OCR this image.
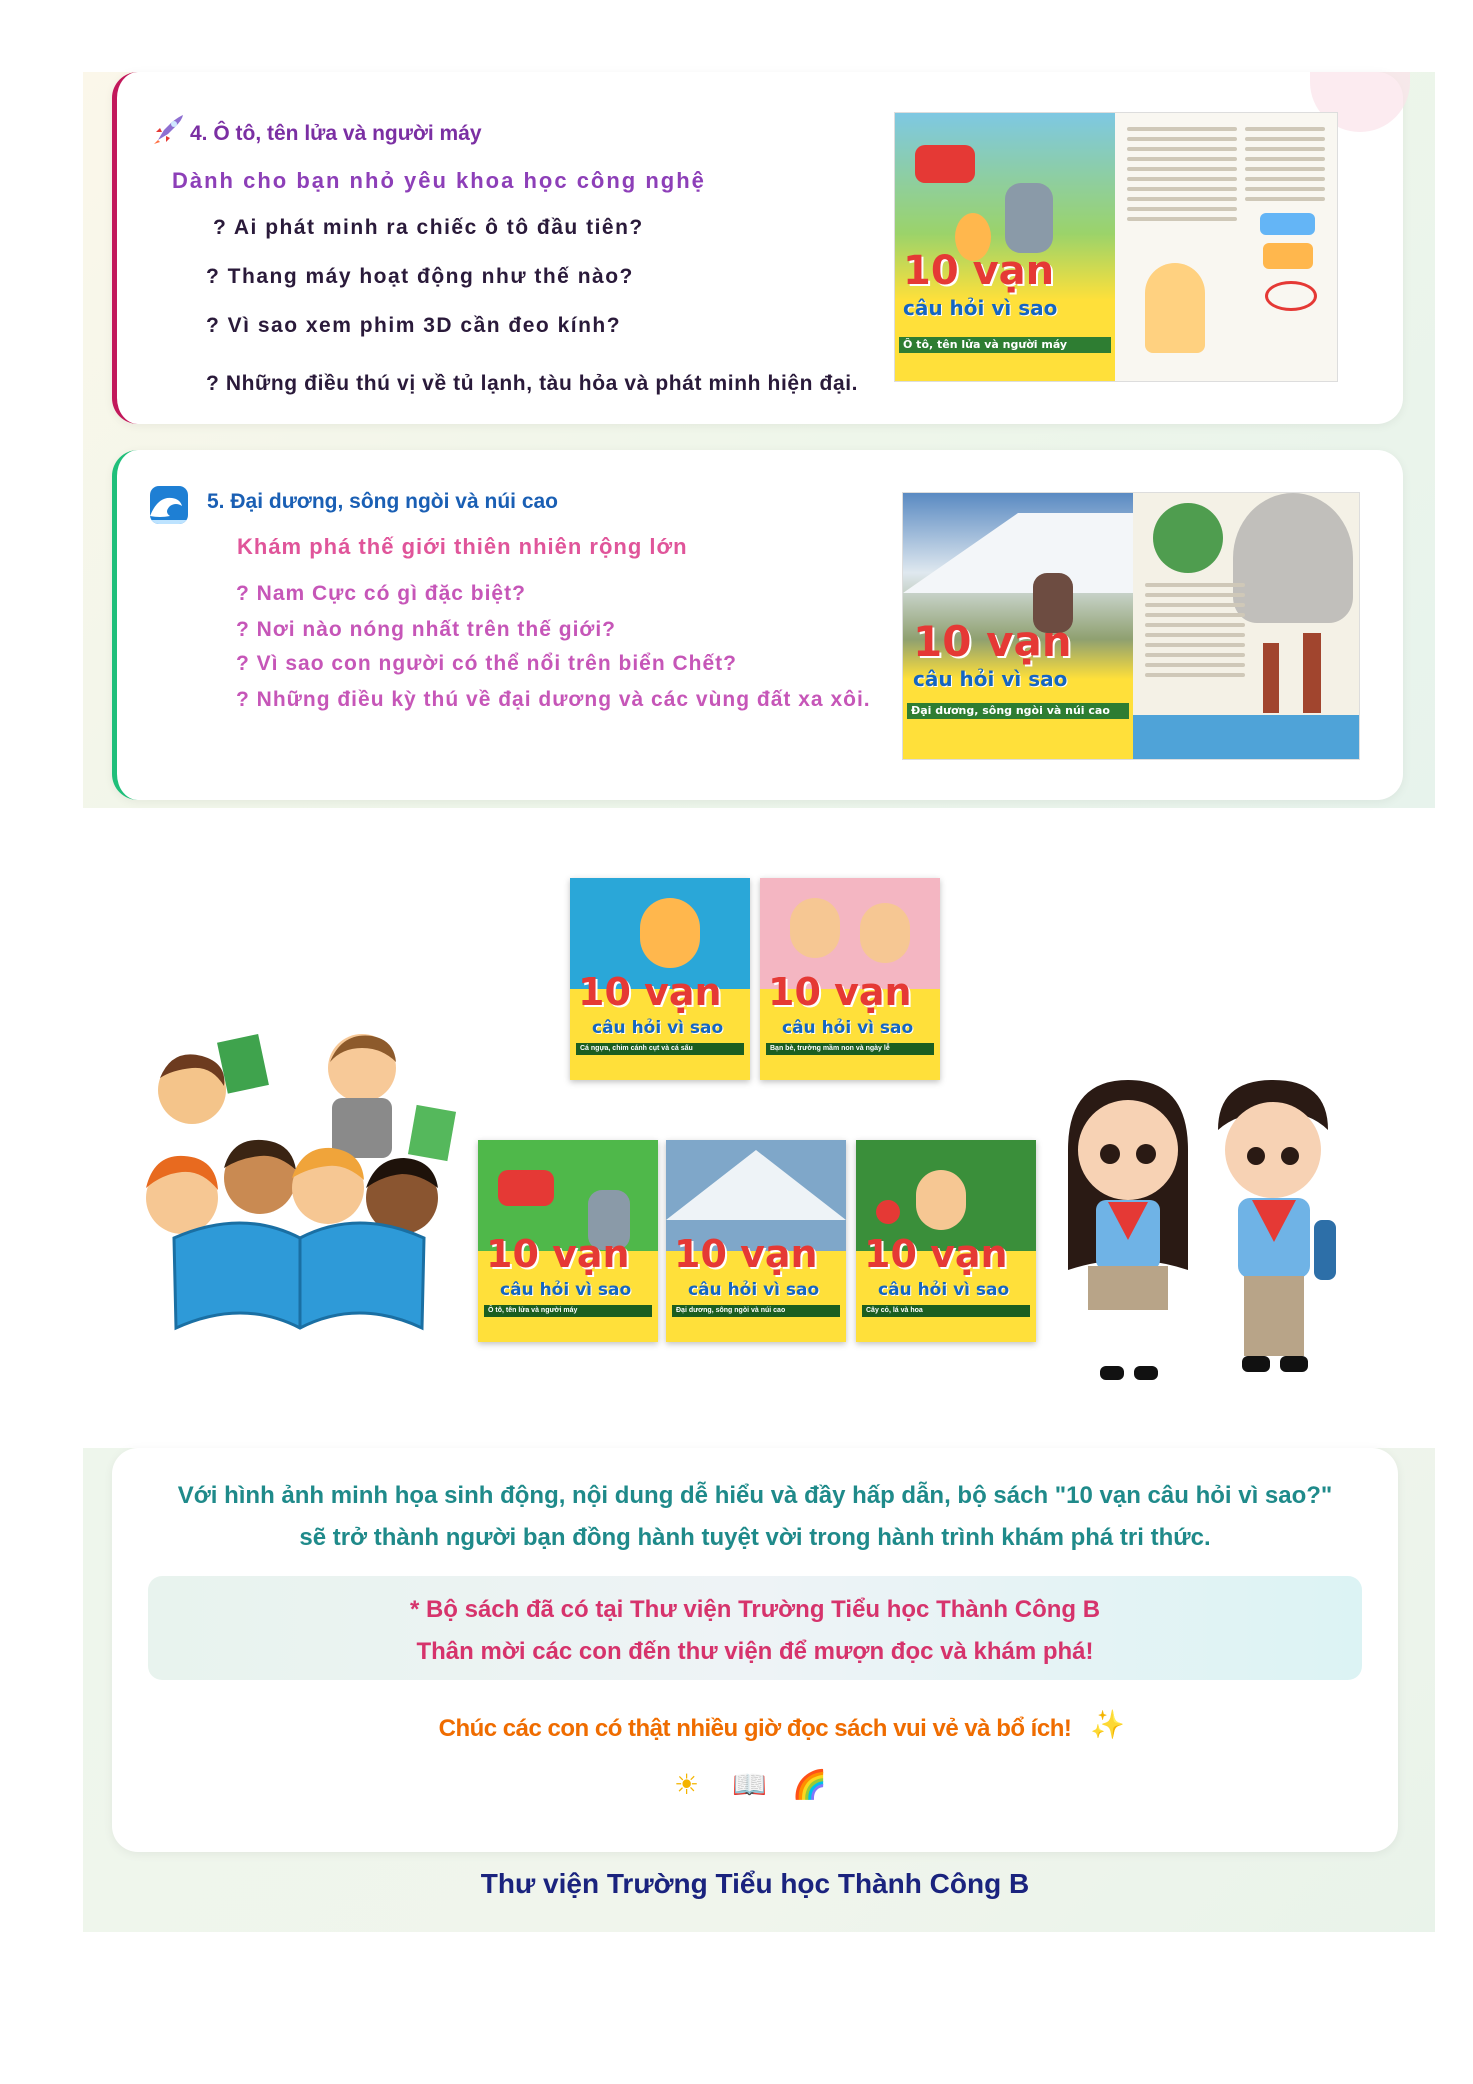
4. Ô tô, tên lửa và người máy
Dành cho bạn nhỏ yêu khoa học công nghệ
? Ai phát minh ra chiếc ô tô đầu tiên?
? Thang máy hoạt động như thế nào?
? Vì sao xem phim 3D cần đeo kính?
? Những điều thú vị về tủ lạnh, tàu hỏa và phát minh hiện đại.
10 vạn
câu hỏi vì sao
Ô tô, tên lửa và người máy
5. Đại dương, sông ngòi và núi cao
Khám phá thế giới thiên nhiên rộng lớn
? Nam Cực có gì đặc biệt?
? Nơi nào nóng nhất trên thế giới?
? Vì sao con người có thể nổi trên biển Chết?
? Những điều kỳ thú về đại dương và các vùng đất xa xôi.
10 vạn
câu hỏi vì sao
Đại dương, sông ngòi và núi cao
10 vạn
câu hỏi vì sao
Cá ngựa, chim cánh cụt và cá sấu
10 vạn
câu hỏi vì sao
Bạn bè, trường mầm non và ngày lễ
10 vạn
câu hỏi vì sao
Ô tô, tên lửa và người máy
10 vạn
câu hỏi vì sao
Đại dương, sông ngòi và núi cao
10 vạn
câu hỏi vì sao
Cây cỏ, lá và hoa
Với hình ảnh minh họa sinh động, nội dung dễ hiểu và đầy hấp dẫn, bộ sách "10 vạn câu hỏi vì sao?"
sẽ trở thành người bạn đồng hành tuyệt vời trong hành trình khám phá tri thức.
* Bộ sách đã có tại Thư viện Trường Tiểu học Thành Công B
Thân mời các con đến thư viện để mượn đọc và khám phá!
Chúc các con có thật nhiều giờ đọc sách vui vẻ và bổ ích! ✨
☀ 📖 🌈
Thư viện Trường Tiểu học Thành Công B
